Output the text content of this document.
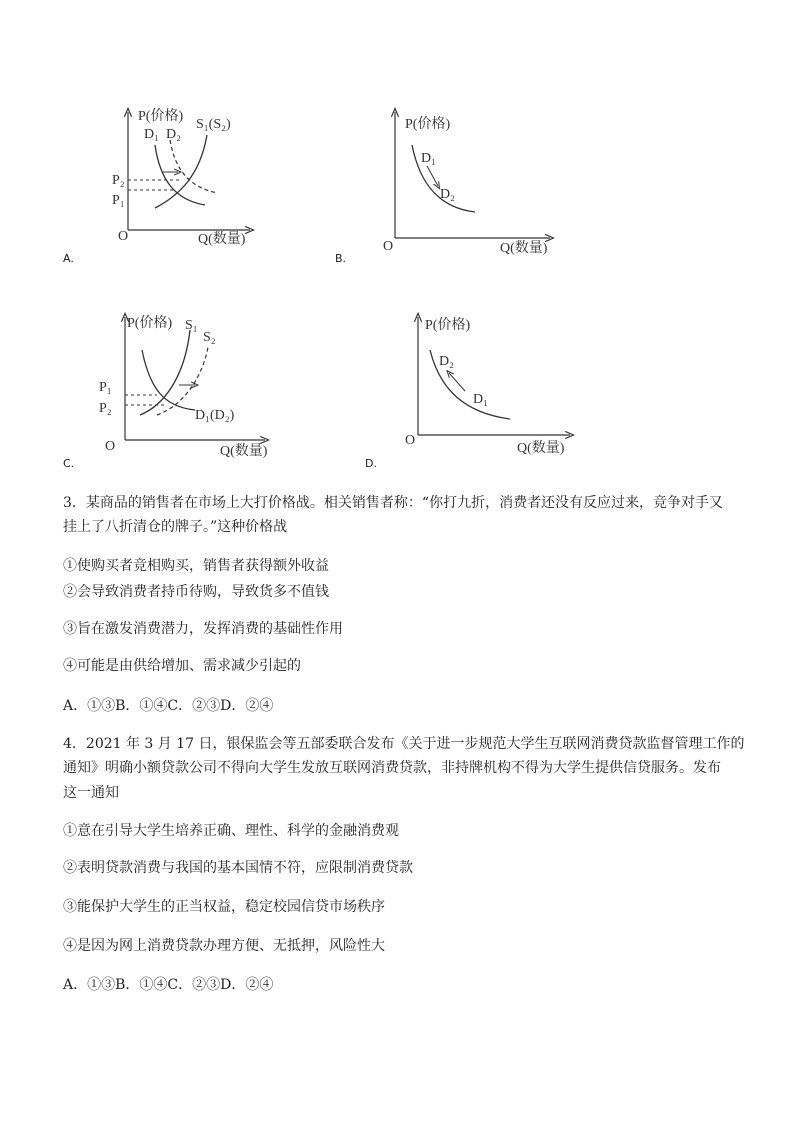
P(价格)
Q(数量)
O
P₂
P₁
D₁ D₂
S₁(S₂)
A.
P(价格)
Q(数量)
O
D₁
D₂
B.
P(价格)
Q(数量)
O
P₁
P₂
S₁
S₂
D₁(D₂)
C.
P(价格)
Q(数量)
O
D₂
D₁
D.
3．某商品的销售者在市场上大打价格战。相关销售者称：“你打九折，消费者还没有反应过来，竞争对手又
挂上了八折清仓的牌子。”这种价格战
①使购买者竞相购买，销售者获得额外收益
②会导致消费者持币待购，导致货多不值钱
③旨在激发消费潜力，发挥消费的基础性作用
④可能是由供给增加、需求减少引起的
A．①③B．①④C．②③D．②④
4．2021 年 3 月 17 日，银保监会等五部委联合发布《关于进一步规范大学生互联网消费贷款监督管理工作的
通知》明确小额贷款公司不得向大学生发放互联网消费贷款，非持牌机构不得为大学生提供信贷服务。发布
这一通知
①意在引导大学生培养正确、理性、科学的金融消费观
②表明贷款消费与我国的基本国情不符，应限制消费贷款
③能保护大学生的正当权益，稳定校园信贷市场秩序
④是因为网上消费贷款办理方便、无抵押，风险性大
A．①③B．①④C．②③D．②④
